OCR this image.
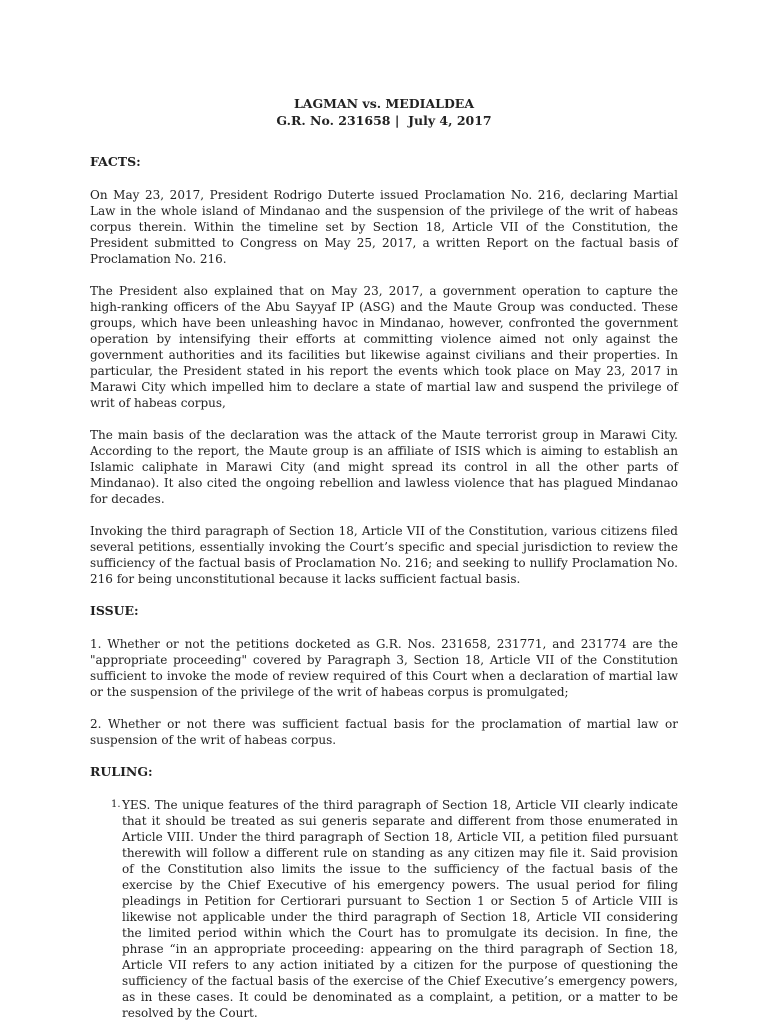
LAGMAN vs. MEDIALDEA
G.R. No. 231658 |  July 4, 2017
FACTS:

On May 23, 2017, President Rodrigo Duterte issued Proclamation No. 216, declaring Martial Law in the whole island of Mindanao and the suspension of the privilege of the writ of habeas corpus therein. Within the timeline set by Section 18, Article VII of the Constitution, the President submitted to Congress on May 25, 2017, a written Report on the factual basis of Proclamation No. 216.

The President also explained that on May 23, 2017, a government operation to capture the high-ranking officers of the Abu Sayyaf IP (ASG) and the Maute Group was conducted. These groups, which have been unleashing havoc in Mindanao, however, confronted the government operation by intensifying their efforts at committing violence aimed not only against the government authorities and its facilities but likewise against civilians and their properties. In particular, the President stated in his report the events which took place on May 23, 2017 in Marawi City which impelled him to declare a state of martial law and suspend the privilege of writ of habeas corpus,

The main basis of the declaration was the attack of the Maute terrorist group in Marawi City. According to the report, the Maute group is an affiliate of ISIS which is aiming to establish an Islamic caliphate in Marawi City (and might spread its control in all the other parts of Mindanao). It also cited the ongoing rebellion and lawless violence that has plagued Mindanao for decades.

Invoking the third paragraph of Section 18, Article VII of the Constitution, various citizens filed several petitions, essentially invoking the Court’s specific and special jurisdiction to review the sufficiency of the factual basis of Proclamation No. 216; and seeking to nullify Proclamation No. 216 for being unconstitutional because it lacks sufficient factual basis.

ISSUE:

1. Whether or not the petitions docketed as G.R. Nos. 231658, 231771, and 231774 are the "appropriate proceeding" covered by Paragraph 3, Section 18, Article VII of the Constitution sufficient to invoke the mode of review required of this Court when a declaration of martial law or the suspension of the privilege of the writ of habeas corpus is promulgated;

2. Whether or not there was sufficient factual basis for the proclamation of martial law or suspension of the writ of habeas corpus.

RULING:
1. YES. The unique features of the third paragraph of Section 18, Article VII clearly indicate that it should be treated as sui generis separate and different from those enumerated in Article VIII. Under the third paragraph of Section 18, Article VII, a petition filed pursuant therewith will follow a different rule on standing as any citizen may file it. Said provision of the Constitution also limits the issue to the sufficiency of the factual basis of the exercise by the Chief Executive of his emergency powers. The usual period for filing pleadings in Petition for Certiorari pursuant to Section 1 or Section 5 of Article VIII is likewise not applicable under the third paragraph of Section 18, Article VII considering the limited period within which the Court has to promulgate its decision. In fine, the phrase “in an appropriate proceeding: appearing on the third paragraph of Section 18, Article VII refers to any action initiated by a citizen for the purpose of questioning the sufficiency of the factual basis of the exercise of the Chief Executive’s emergency powers, as in these cases. It could be denominated as a complaint, a petition, or a matter to be resolved by the Court.
